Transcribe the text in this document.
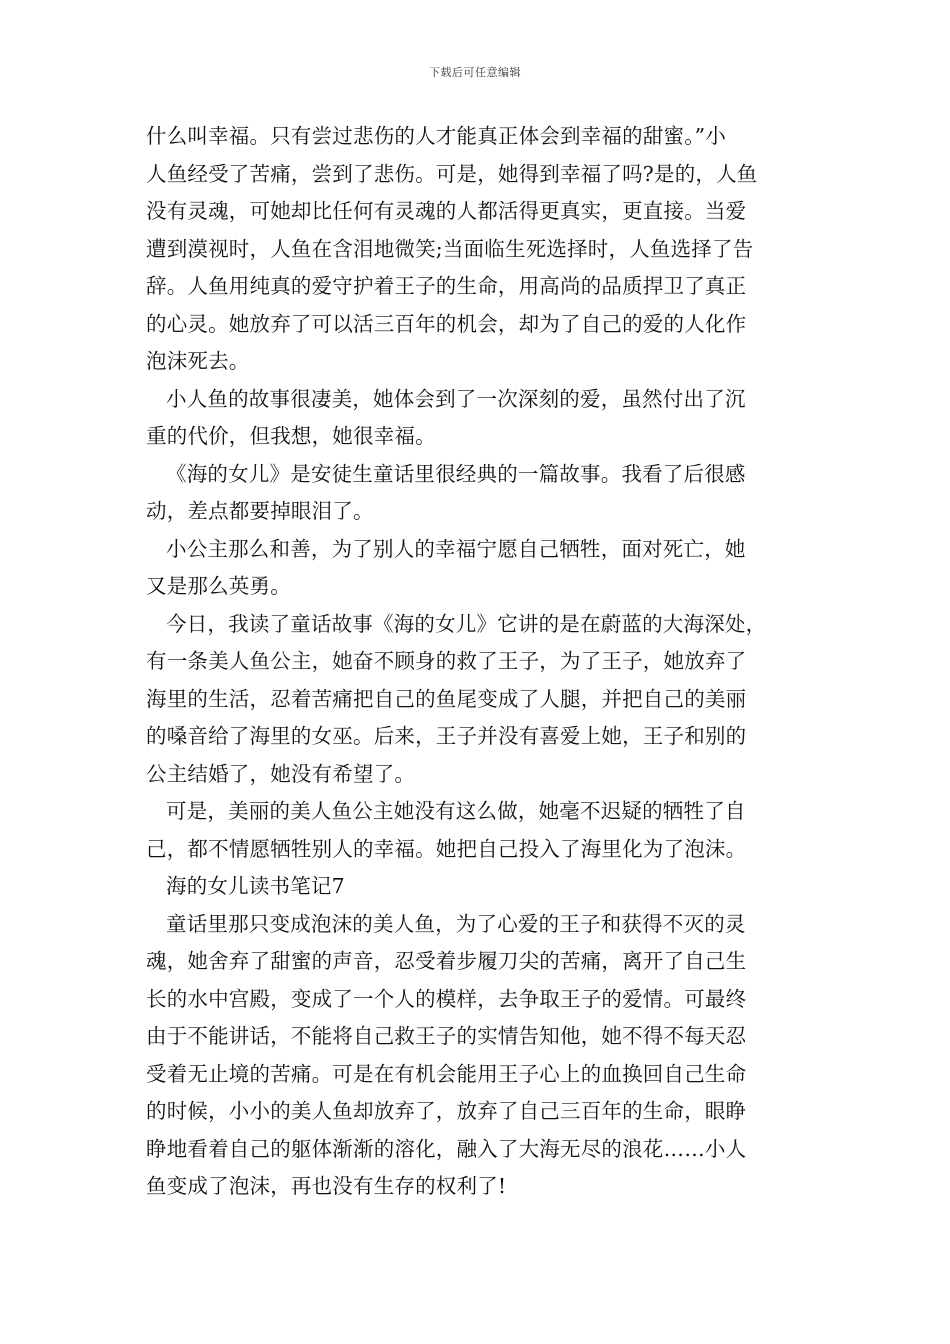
下载后可任意编辑
什么叫幸福。只有尝过悲伤的人才能真正体会到幸福的甜蜜。”小
人鱼经受了苦痛，尝到了悲伤。可是，她得到幸福了吗?是的，人鱼
没有灵魂，可她却比任何有灵魂的人都活得更真实，更直接。当爱
遭到漠视时，人鱼在含泪地微笑;当面临生死选择时，人鱼选择了告
辞。人鱼用纯真的爱守护着王子的生命，用高尚的品质捍卫了真正
的心灵。她放弃了可以活三百年的机会，却为了自己的爱的人化作
泡沫死去。
小人鱼的故事很凄美，她体会到了一次深刻的爱，虽然付出了沉
重的代价，但我想，她很幸福。
《海的女儿》是安徒生童话里很经典的一篇故事。我看了后很感
动，差点都要掉眼泪了。
小公主那么和善，为了别人的幸福宁愿自己牺牲，面对死亡，她
又是那么英勇。
今日，我读了童话故事《海的女儿》它讲的是在蔚蓝的大海深处，
有一条美人鱼公主，她奋不顾身的救了王子，为了王子，她放弃了
海里的生活，忍着苦痛把自己的鱼尾变成了人腿，并把自己的美丽
的嗓音给了海里的女巫。后来，王子并没有喜爱上她，王子和别的
公主结婚了，她没有希望了。
可是，美丽的美人鱼公主她没有这么做，她毫不迟疑的牺牲了自
己，都不情愿牺牲别人的幸福。她把自己投入了海里化为了泡沫。
海的女儿读书笔记7
童话里那只变成泡沫的美人鱼，为了心爱的王子和获得不灭的灵
魂，她舍弃了甜蜜的声音，忍受着步履刀尖的苦痛，离开了自己生
长的水中宫殿，变成了一个人的模样，去争取王子的爱情。可最终
由于不能讲话，不能将自己救王子的实情告知他，她不得不每天忍
受着无止境的苦痛。可是在有机会能用王子心上的血换回自己生命
的时候，小小的美人鱼却放弃了，放弃了自己三百年的生命，眼睁
睁地看着自己的躯体渐渐的溶化，融入了大海无尽的浪花……小人
鱼变成了泡沫，再也没有生存的权利了!
